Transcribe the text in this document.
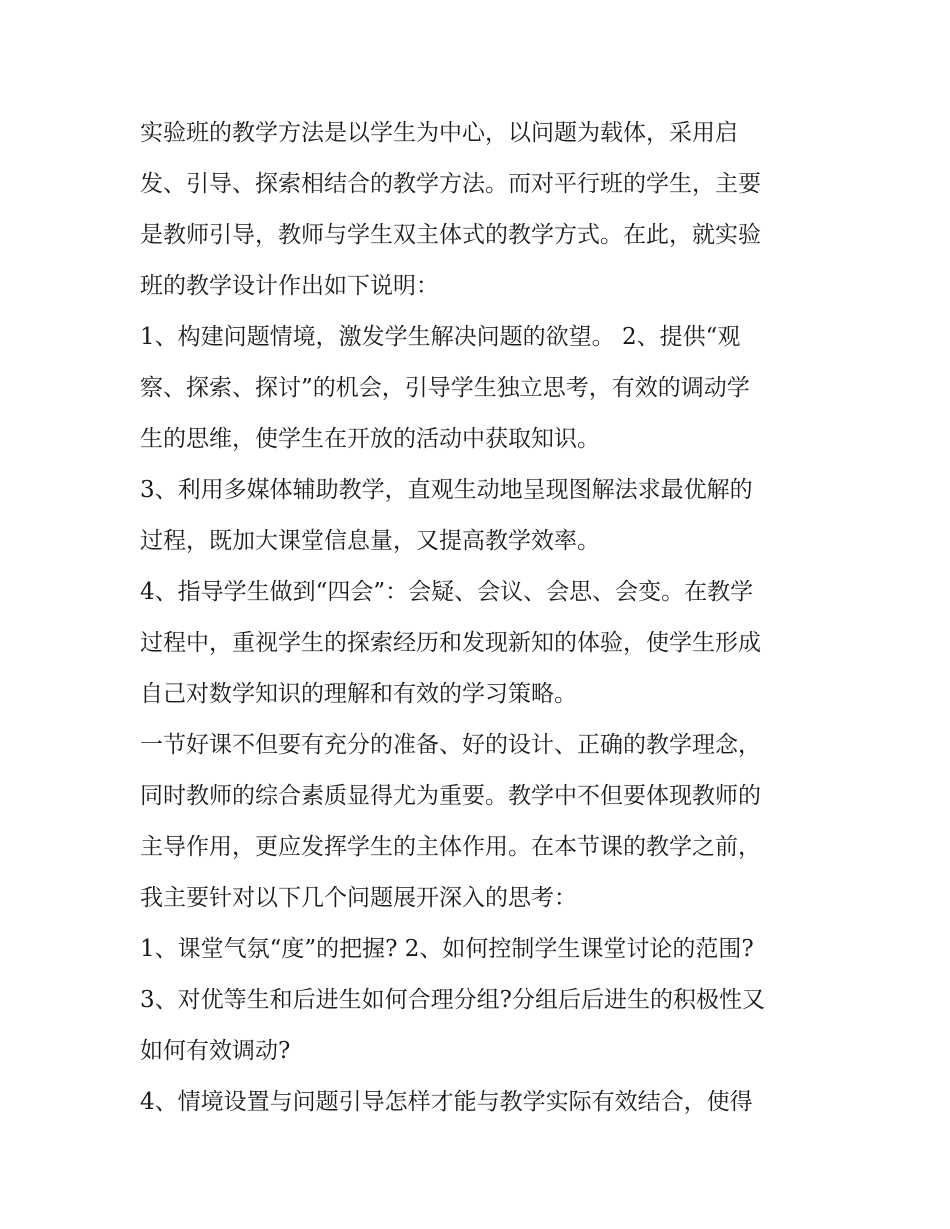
实验班的教学方法是以学生为中心，以问题为载体，采用启

发、引导、探索相结合的教学方法。而对平行班的学生，主要

是教师引导，教师与学生双主体式的教学方式。在此，就实验

班的教学设计作出如下说明：

1、构建问题情境，激发学生解决问题的欲望。 2、提供“观

察、探索、探讨”的机会，引导学生独立思考，有效的调动学

生的思维，使学生在开放的活动中获取知识。

3、利用多媒体辅助教学，直观生动地呈现图解法求最优解的

过程，既加大课堂信息量，又提高教学效率。

4、指导学生做到“四会”：会疑、会议、会思、会变。在教学

过程中，重视学生的探索经历和发现新知的体验，使学生形成

自己对数学知识的理解和有效的学习策略。

一节好课不但要有充分的准备、好的设计、正确的教学理念，

同时教师的综合素质显得尤为重要。教学中不但要体现教师的

主导作用，更应发挥学生的主体作用。在本节课的教学之前，

我主要针对以下几个问题展开深入的思考：

1、课堂气氛“度”的把握? 2、如何控制学生课堂讨论的范围?

3、对优等生和后进生如何合理分组?分组后后进生的积极性又

如何有效调动?

4、情境设置与问题引导怎样才能与教学实际有效结合，使得
